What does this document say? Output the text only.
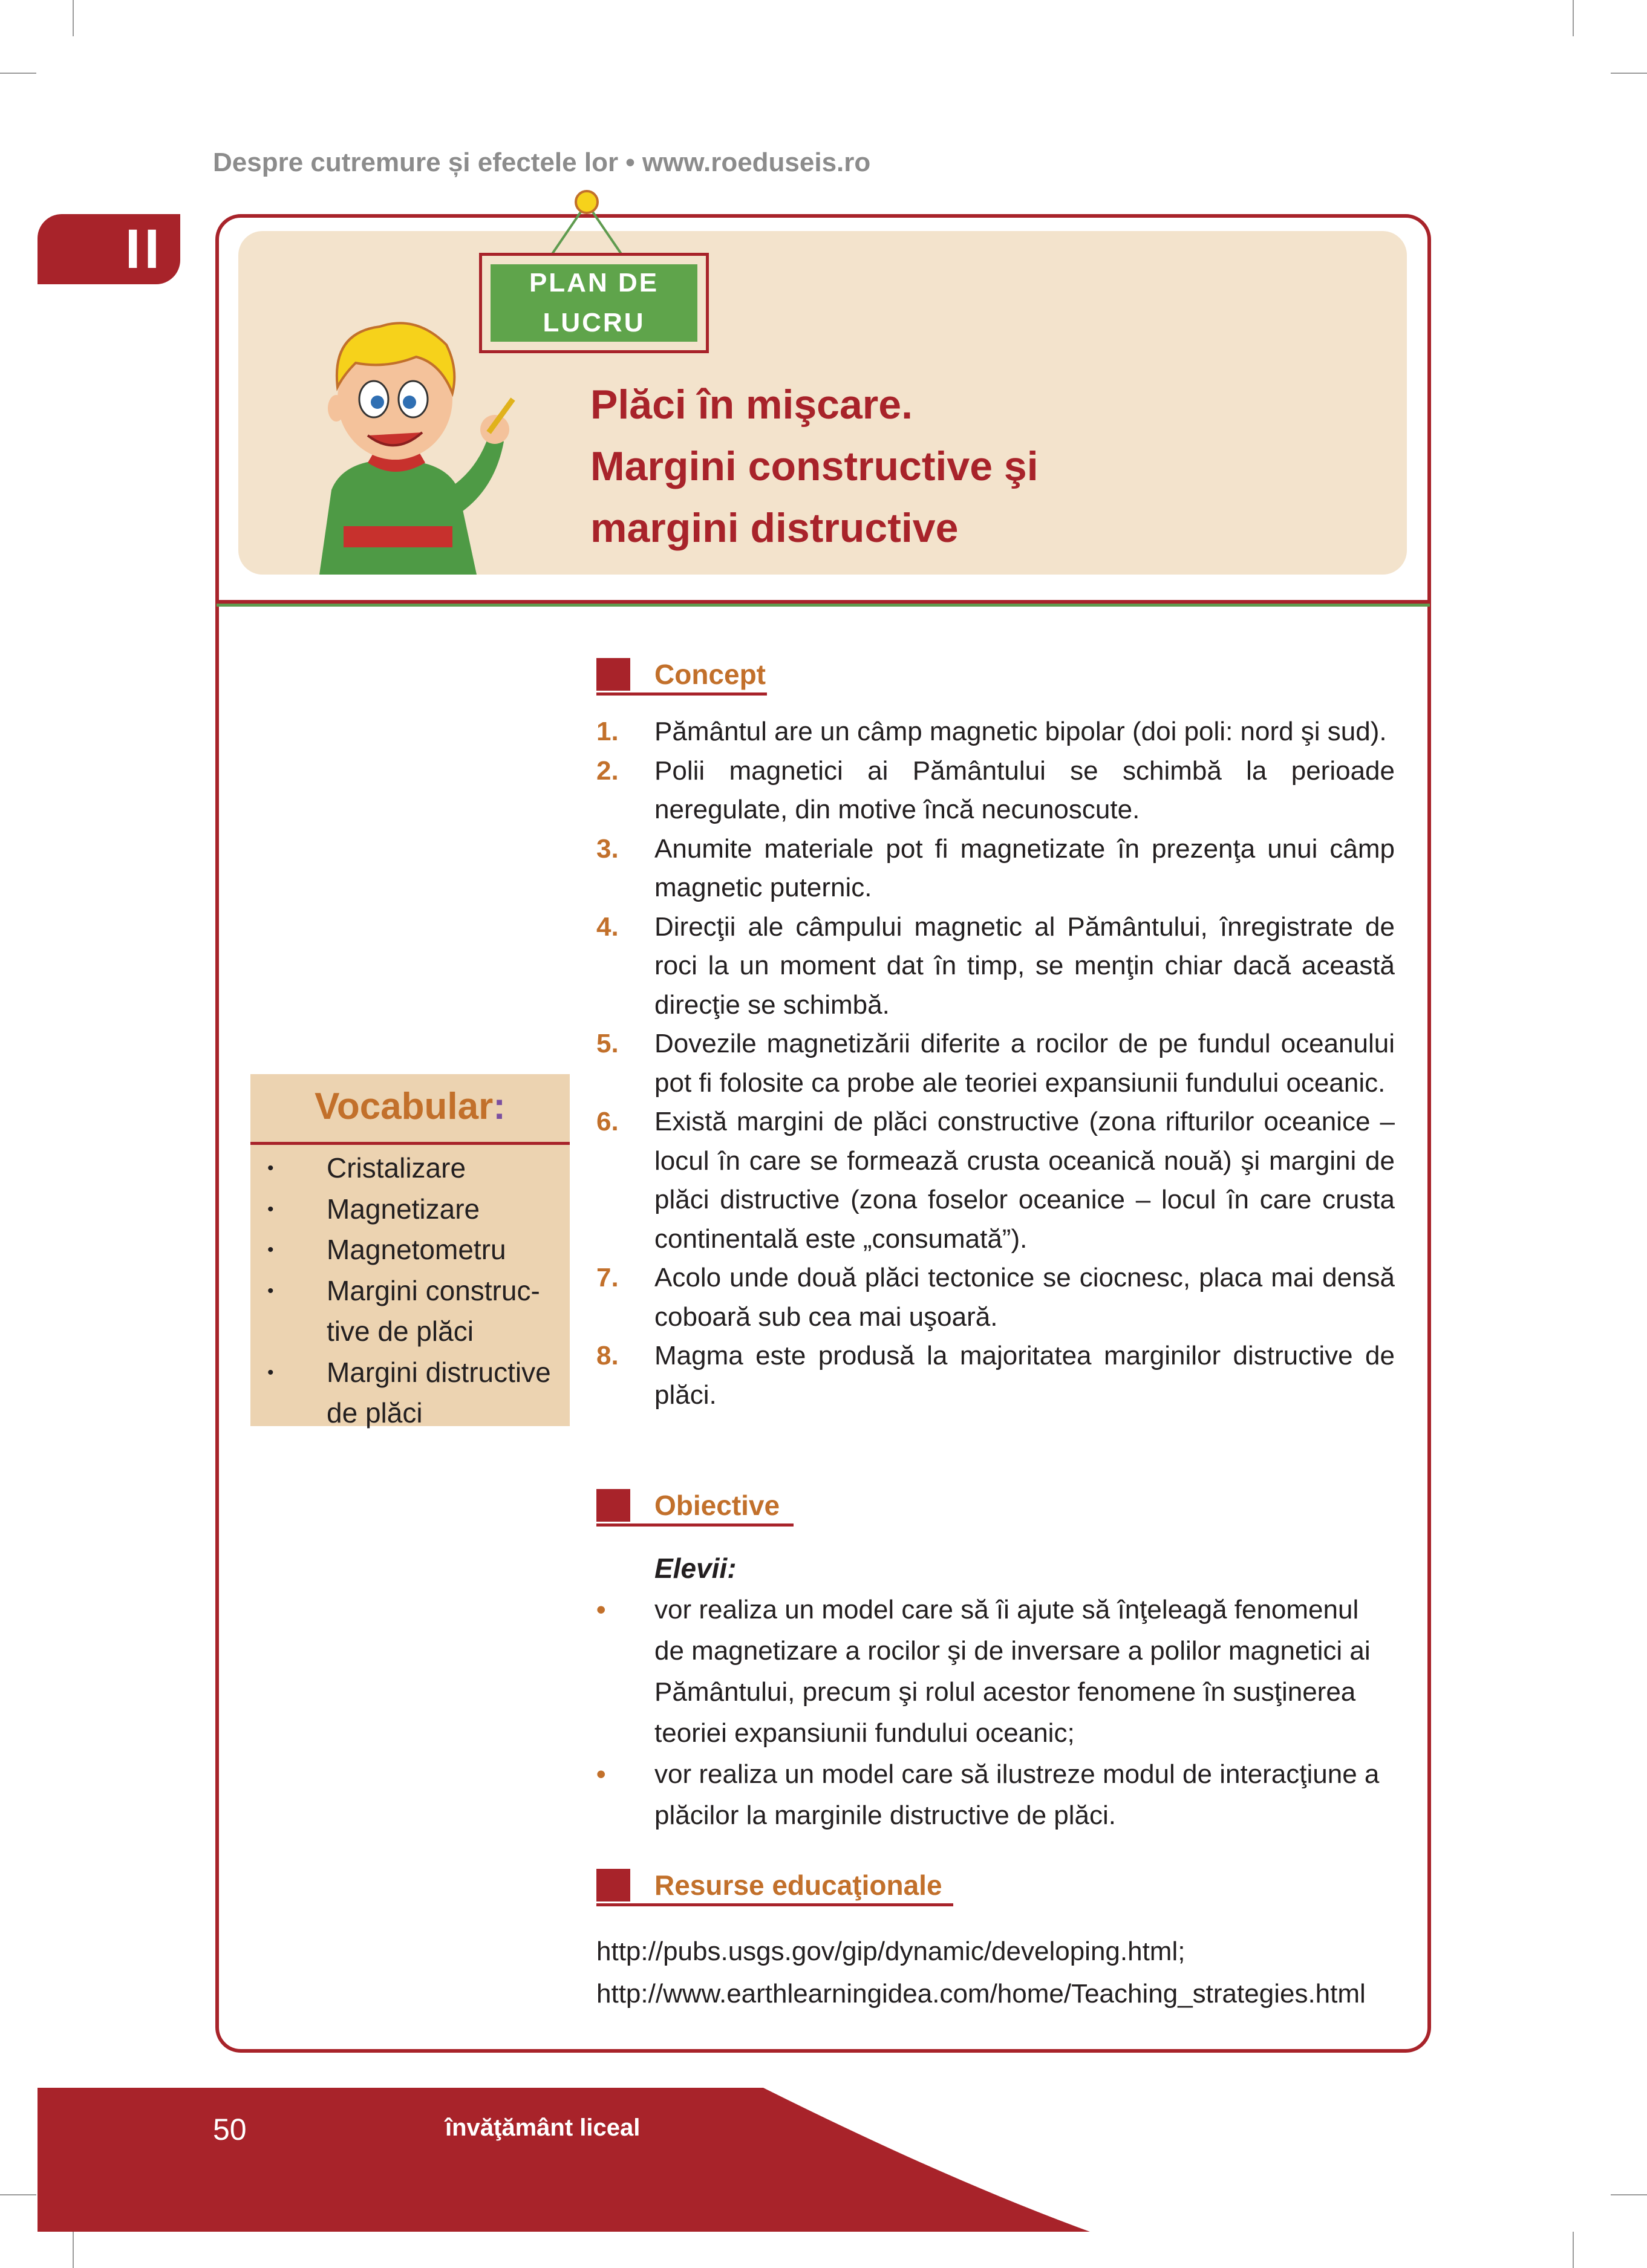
Despre cutremure și efectele lor • www.roeduseis.ro
II
PLAN DE
LUCRU
Plăci în mişcare.
Margini constructive şi
margini distructive
Concept
1. Pământul are un câmp magnetic bipolar (doi poli: nord şi sud).
2. Polii magnetici ai Pământului se schimbă la perioade neregulate, din motive încă necunoscute.
3. Anumite materiale pot fi magnetizate în prezenţa unui câmp magnetic puternic.
4. Direcţii ale câmpului magnetic al Pământului, înregistrate de roci la un moment dat în timp, se menţin chiar dacă această direcţie se schimbă.
5. Dovezile magnetizării diferite a rocilor de pe fundul oceanului pot fi folosite ca probe ale teoriei expansiunii fundului oceanic.
6. Există margini de plăci constructive (zona rifturilor oceanice – locul în care se formează crusta oceanică nouă) şi margini de plăci distructive (zona foselor oceanice – locul în care crusta continentală este „consumată”).
7. Acolo unde două plăci tectonice se ciocnesc, placa mai densă coboară sub cea mai uşoară.
8. Magma este produsă la majoritatea marginilor distructive de plăci.
Obiective
Elevii:
• vor realiza un model care să îi ajute să înţeleagă fenomenul de magnetizare a rocilor şi de inversare a polilor magnetici ai Pământului, precum şi rolul acestor fenomene în susţinerea teoriei expansiunii fundului oceanic;
• vor realiza un model care să ilustreze modul de interacţiune a plăcilor la marginile distructive de plăci.
Resurse educaţionale
http://pubs.usgs.gov/gip/dynamic/developing.html;
http://www.earthlearningidea.com/home/Teaching_strategies.html
Vocabular:
• Cristalizare
• Magnetizare
• Magnetometru
• Margini construc-tive de plăci
• Margini distructive de plăci
50	învăţământ liceal
